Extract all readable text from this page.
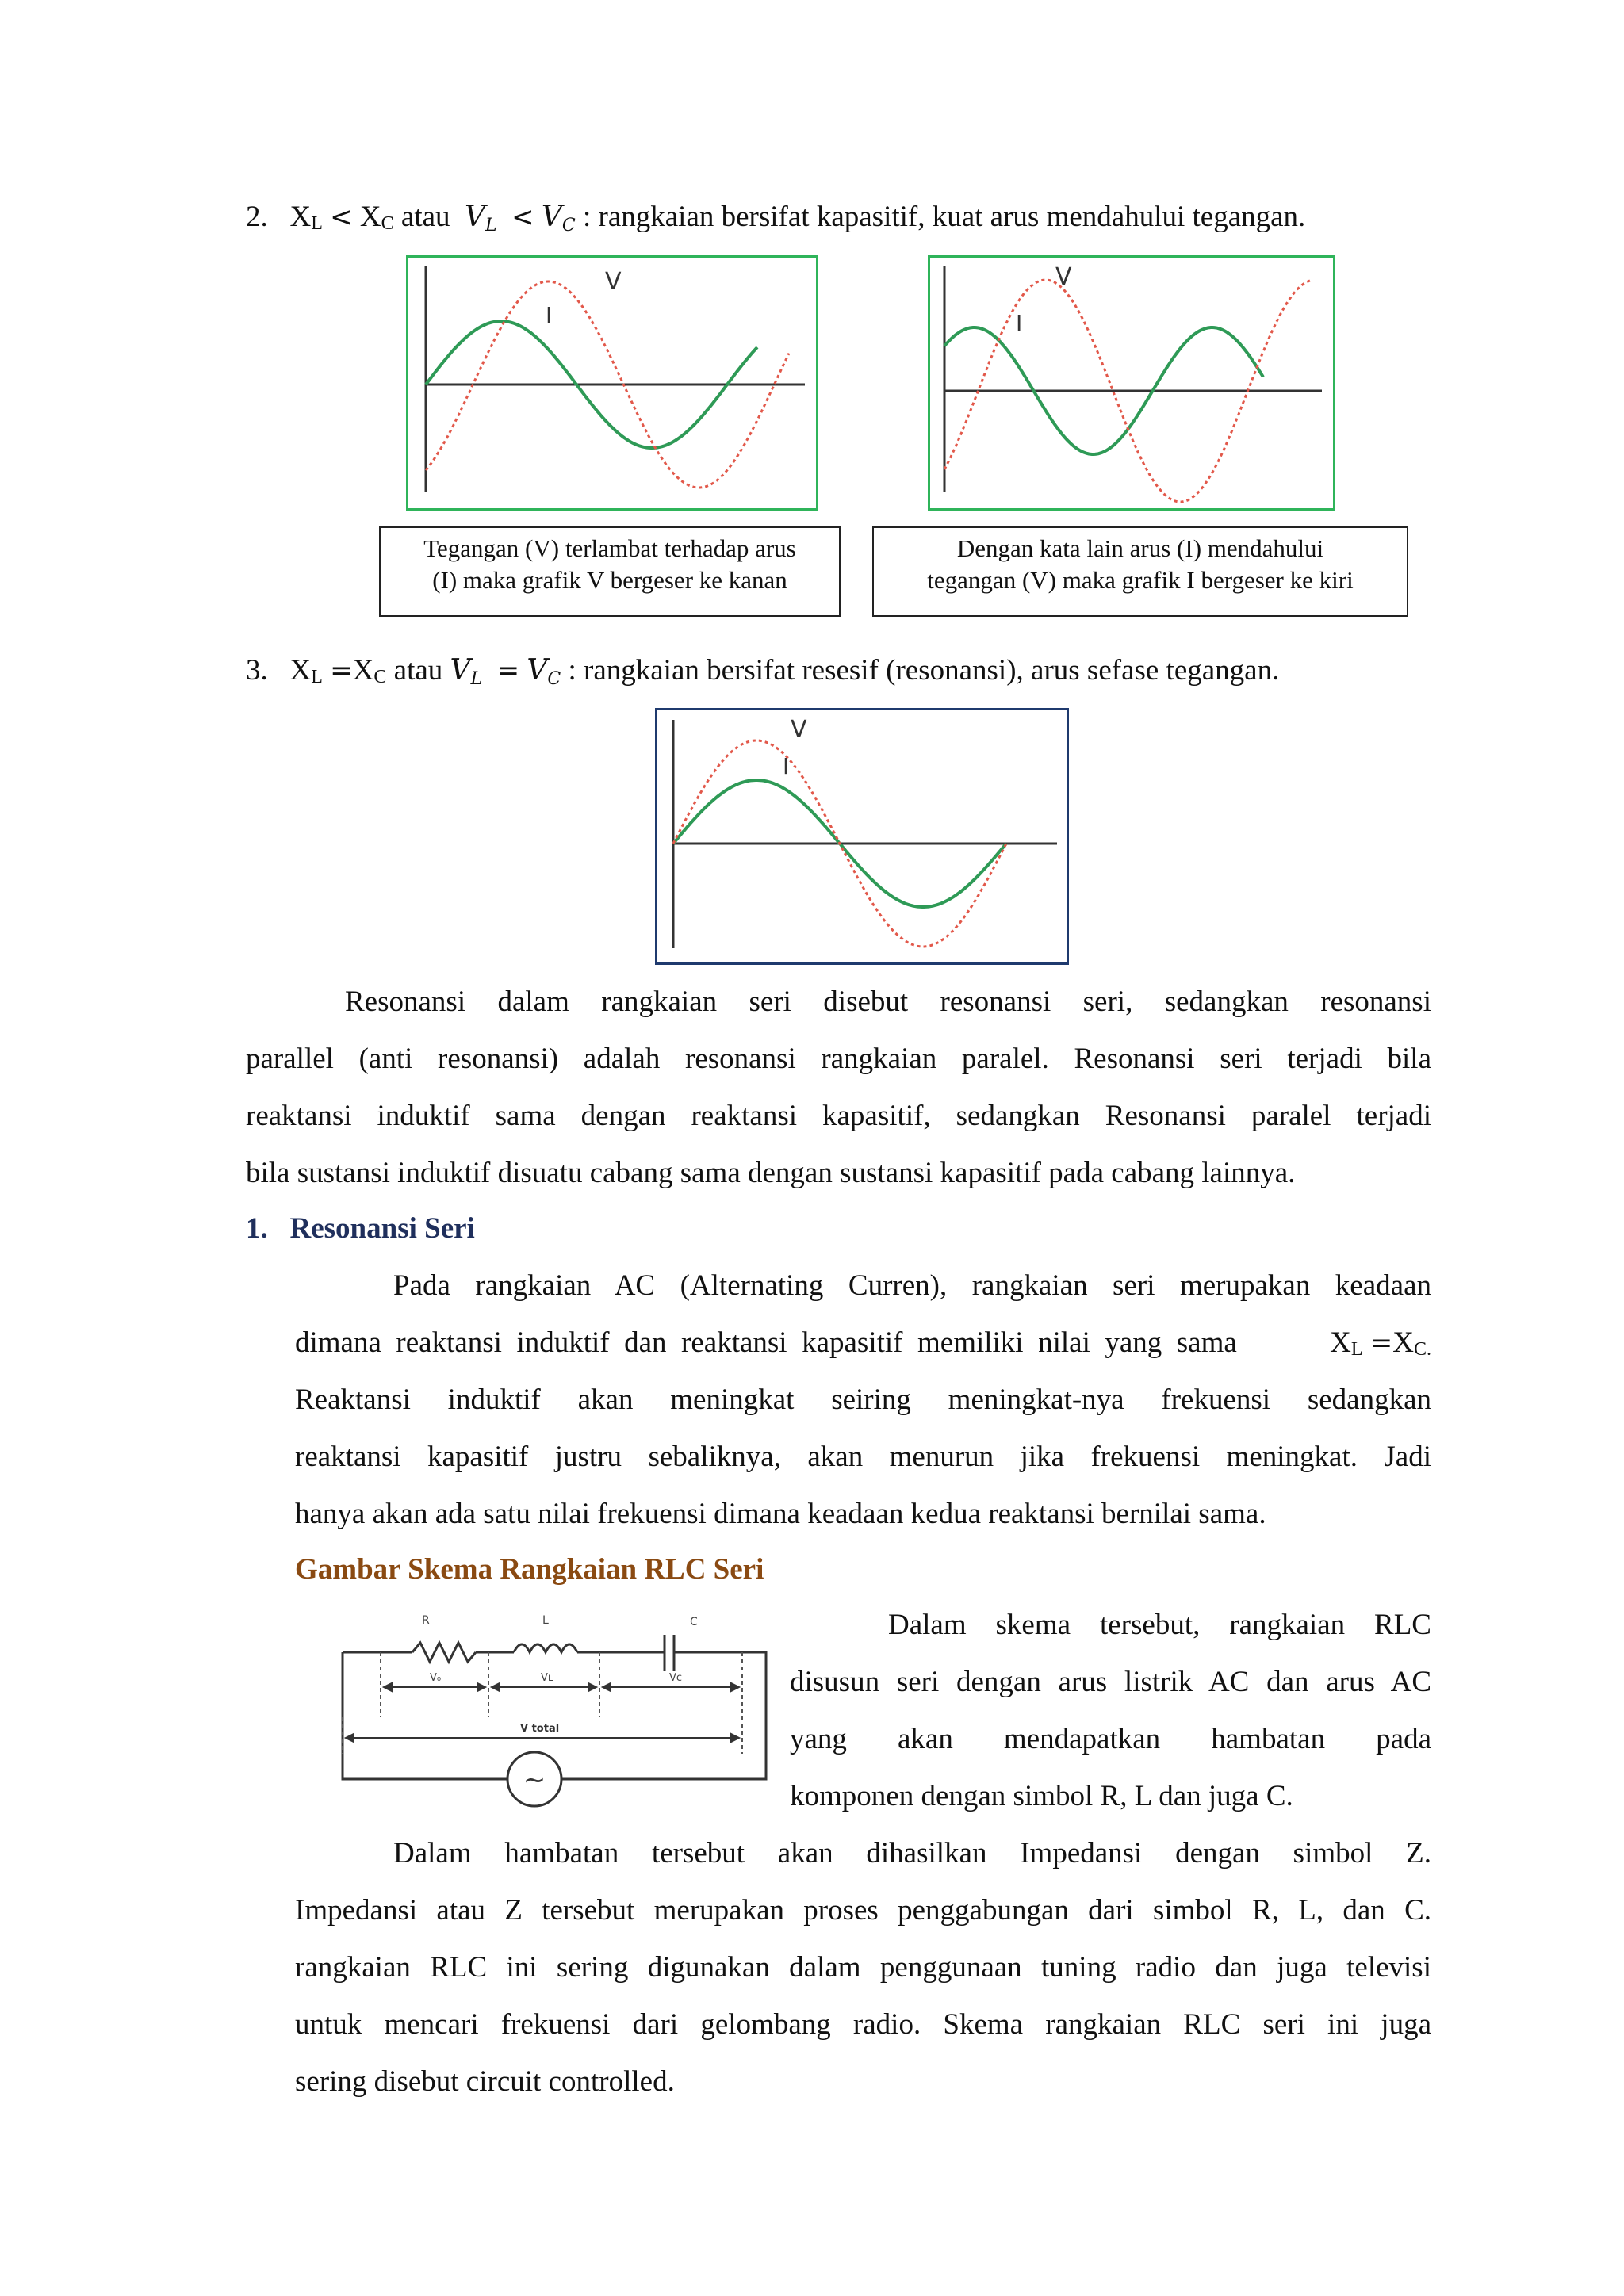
2. $X_L < X_C$ atau $V_L < V_C$ : rangkaian bersifat kapasitif, kuat arus mendahului tegangan.
V
I
V
I
Tegangan (V) terlambat terhadap arus
(I) maka grafik V bergeser ke kanan
Dengan kata lain arus (I) mendahului
tegangan (V) maka grafik I bergeser ke kiri
3. $X_L =X_C$ atau $V_L = V_C$ : rangkaian bersifat resesif (resonansi), arus sefase tegangan.
V
I
Resonansi dalam rangkaian seri disebut resonansi seri, sedangkan resonansi
parallel (anti resonansi) adalah resonansi rangkaian paralel. Resonansi seri terjadi bila
reaktansi induktif sama dengan reaktansi kapasitif, sedangkan Resonansi paralel terjadi
bila sustansi induktif disuatu cabang sama dengan sustansi kapasitif pada cabang lainnya.
1. Resonansi Seri
Pada rangkaian AC (Alternating Curren), rangkaian seri merupakan keadaan
dimana  reaktansi  induktif  dan  reaktansi  kapasitif  memiliki  nilai  yang  sama	$X_L =X_{C.}$
Reaktansi induktif akan meningkat seiring meningkat-nya frekuensi sedangkan
reaktansi kapasitif justru sebaliknya, akan menurun jika frekuensi meningkat. Jadi
hanya akan ada satu nilai frekuensi dimana keadaan kedua reaktansi bernilai sama.
Gambar Skema Rangkaian RLC Seri
~
R	L	C
V₀	Vʟ	Vᴄ
V total
Dalam skema tersebut, rangkaian RLC
disusun seri dengan arus listrik AC dan arus AC
yang akan mendapatkan hambatan pada
komponen dengan simbol R, L dan juga C.
Dalam hambatan tersebut akan dihasilkan Impedansi dengan simbol Z.
Impedansi atau Z tersebut merupakan proses penggabungan dari simbol R, L, dan C.
rangkaian RLC ini sering digunakan dalam penggunaan tuning radio dan juga televisi
untuk mencari frekuensi dari gelombang radio. Skema rangkaian RLC seri ini juga
sering disebut circuit controlled.
